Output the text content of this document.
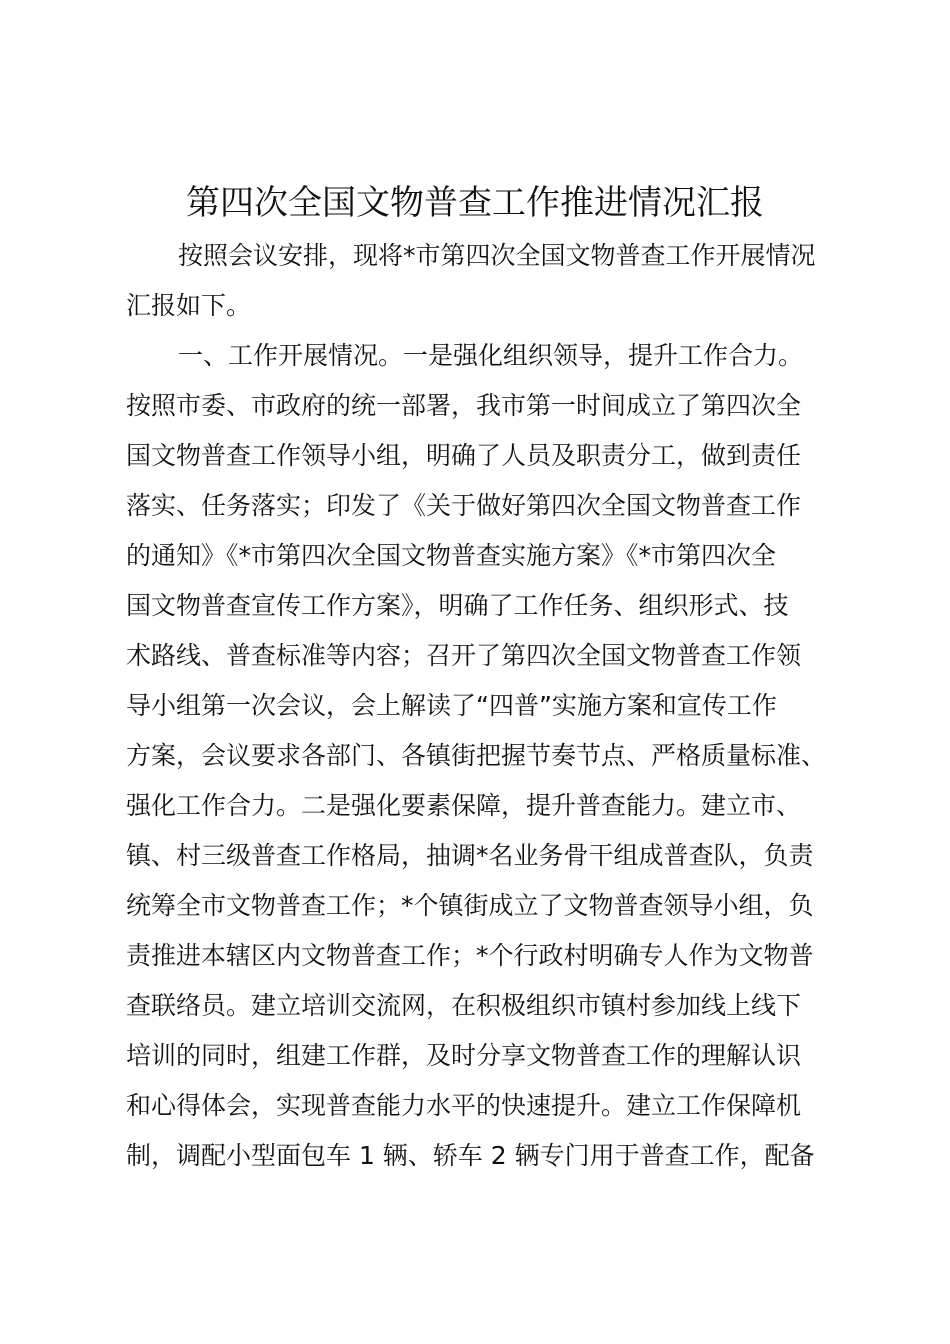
第四次全国文物普查工作推进情况汇报
按照会议安排，现将*市第四次全国文物普查工作开展情况
汇报如下。
一、工作开展情况。一是强化组织领导，提升工作合力。
按照市委、市政府的统一部署，我市第一时间成立了第四次全
国文物普查工作领导小组，明确了人员及职责分工，做到责任
落实、任务落实；印发了《关于做好第四次全国文物普查工作
的通知》《*市第四次全国文物普查实施方案》《*市第四次全
国文物普查宣传工作方案》，明确了工作任务、组织形式、技
术路线、普查标准等内容；召开了第四次全国文物普查工作领
导小组第一次会议，会上解读了“四普”实施方案和宣传工作
方案，会议要求各部门、各镇街把握节奏节点、严格质量标准、
强化工作合力。二是强化要素保障，提升普查能力。建立市、
镇、村三级普查工作格局，抽调*名业务骨干组成普查队，负责
统筹全市文物普查工作；*个镇街成立了文物普查领导小组，负
责推进本辖区内文物普查工作；*个行政村明确专人作为文物普
查联络员。建立培训交流网，在积极组织市镇村参加线上线下
培训的同时，组建工作群，及时分享文物普查工作的理解认识
和心得体会，实现普查能力水平的快速提升。建立工作保障机
制，调配小型面包车 1 辆、轿车 2 辆专门用于普查工作，配备
